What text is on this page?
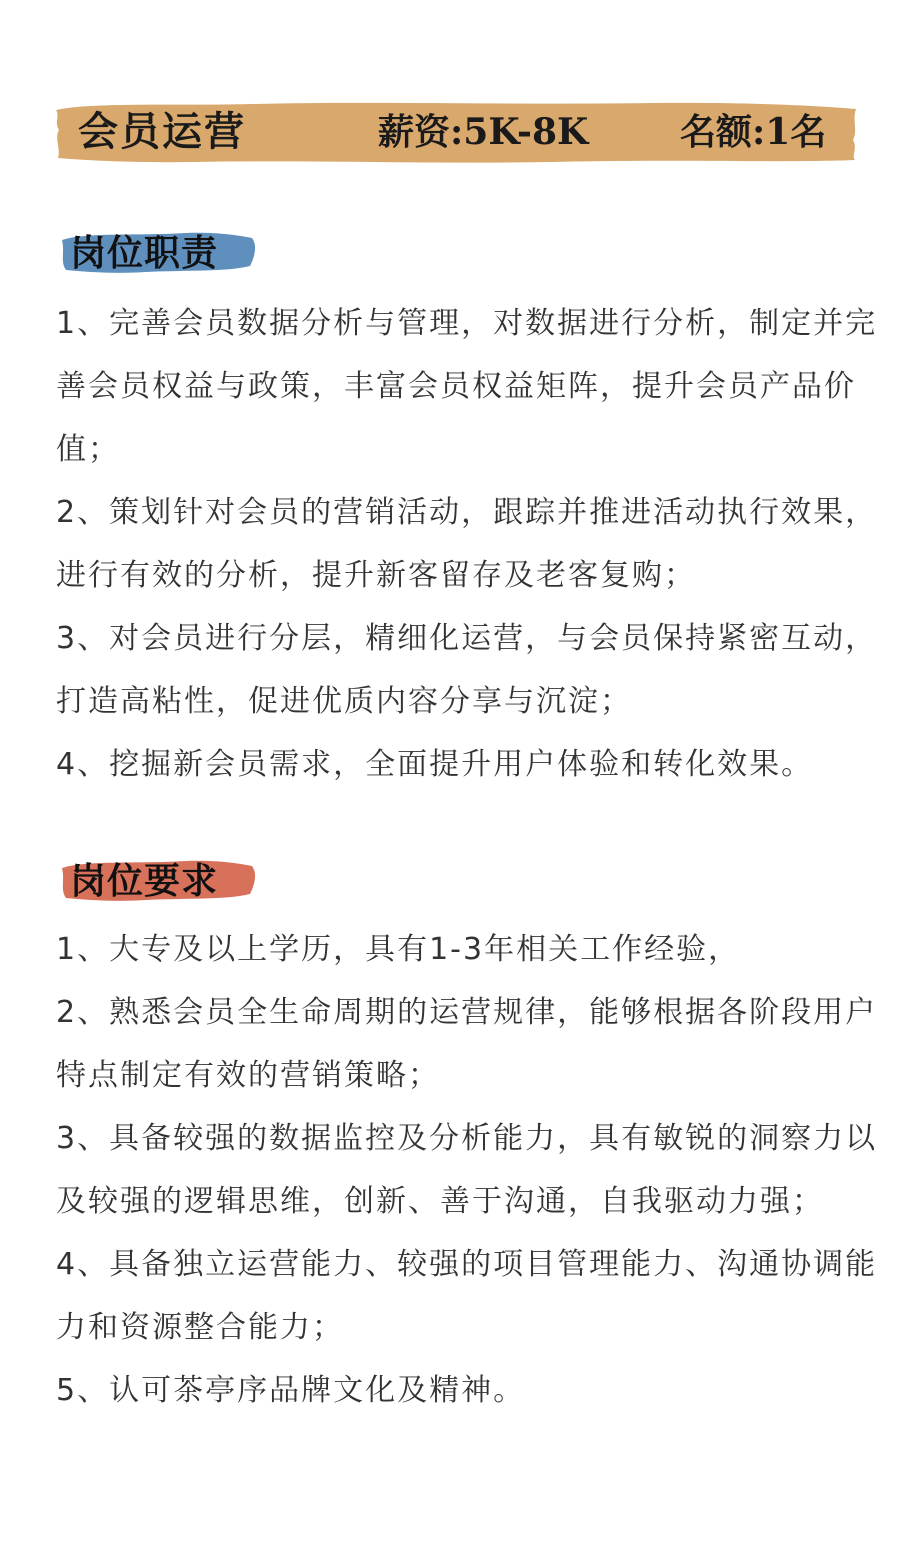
会员运营	薪资:5K-8K	名额:1名
岗位职责
1、完善会员数据分析与管理，对数据进行分析，制定并完善会员权益与政策，丰富会员权益矩阵，提升会员产品价值；
2、策划针对会员的营销活动，跟踪并推进活动执行效果，进行有效的分析，提升新客留存及老客复购；
3、对会员进行分层，精细化运营，与会员保持紧密互动，打造高粘性，促进优质内容分享与沉淀；
4、挖掘新会员需求，全面提升用户体验和转化效果。
岗位要求
1、大专及以上学历，具有1-3年相关工作经验，
2、熟悉会员全生命周期的运营规律，能够根据各阶段用户特点制定有效的营销策略；
3、具备较强的数据监控及分析能力，具有敏锐的洞察力以及较强的逻辑思维，创新、善于沟通，自我驱动力强；
4、具备独立运营能力、较强的项目管理能力、沟通协调能力和资源整合能力；
5、认可茶亭序品牌文化及精神。
